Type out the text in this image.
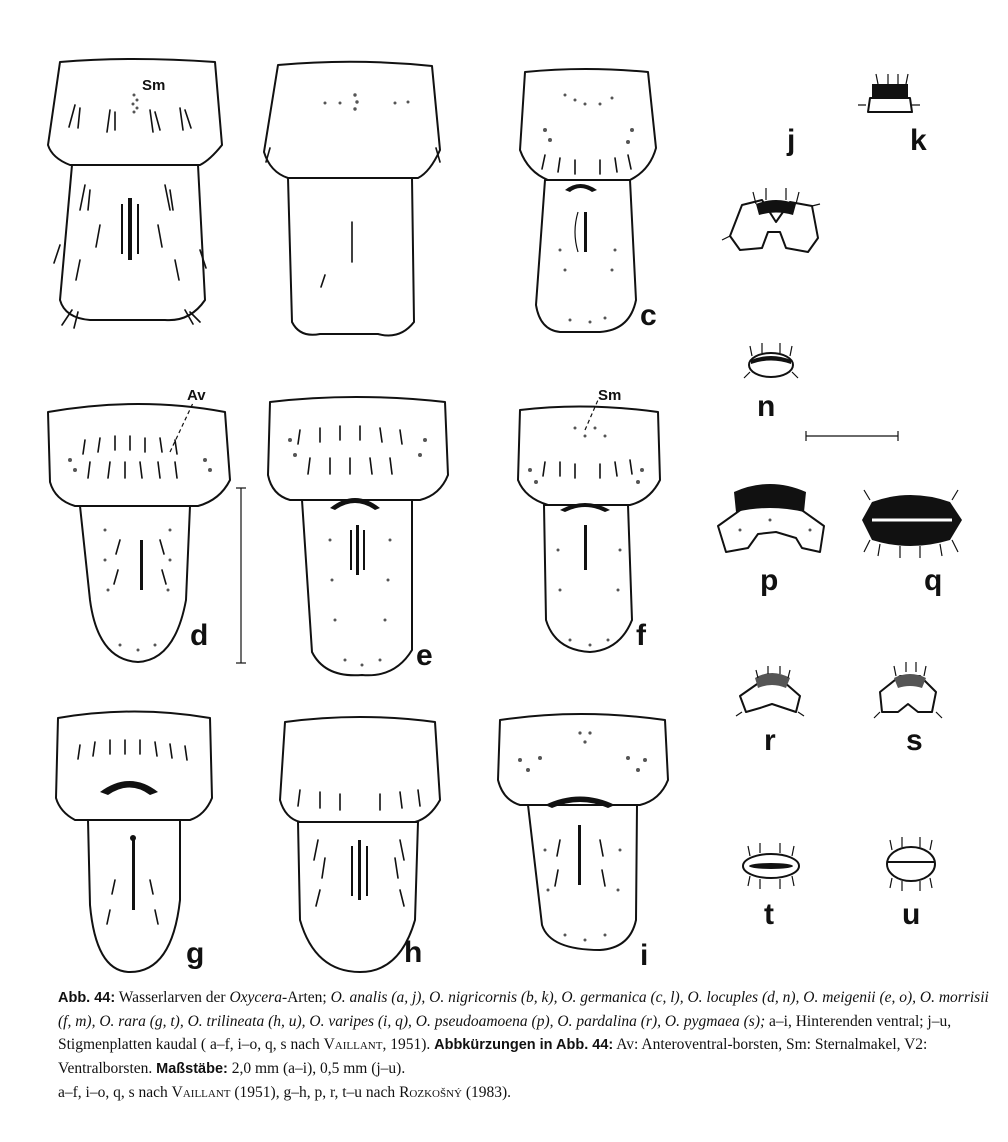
Sm
c
Av
d
e
Sm
f
g	h	i
j	k
n
p	q
r	s
t	u

Abb. 44: Wasserlarven der Oxycera-Arten; O. analis (a, j), O. nigricornis (b, k), O. germanica (c, l), O. locuples (d, n), O. meigenii (e, o), O. morrisii (f, m), O. rara (g, t), O. trilineata (h, u), O. varipes (i, q), O. pseudoamoena (p), O. pardalina (r), O. pygmaea (s); a–i, Hinterenden ventral; j–u, Stigmenplatten kaudal ( a–f, i–o, q, s nach Vaillant, 1951). Abbkürzungen in Abb. 44: Av: Anteroventral-borsten, Sm: Sternalmakel, V2: Ventralborsten. Maßstäbe: 2,0 mm (a–i), 0,5 mm (j–u).

a–f, i–o, q, s nach Vaillant (1951), g–h, p, r, t–u nach Rozkošný (1983).
